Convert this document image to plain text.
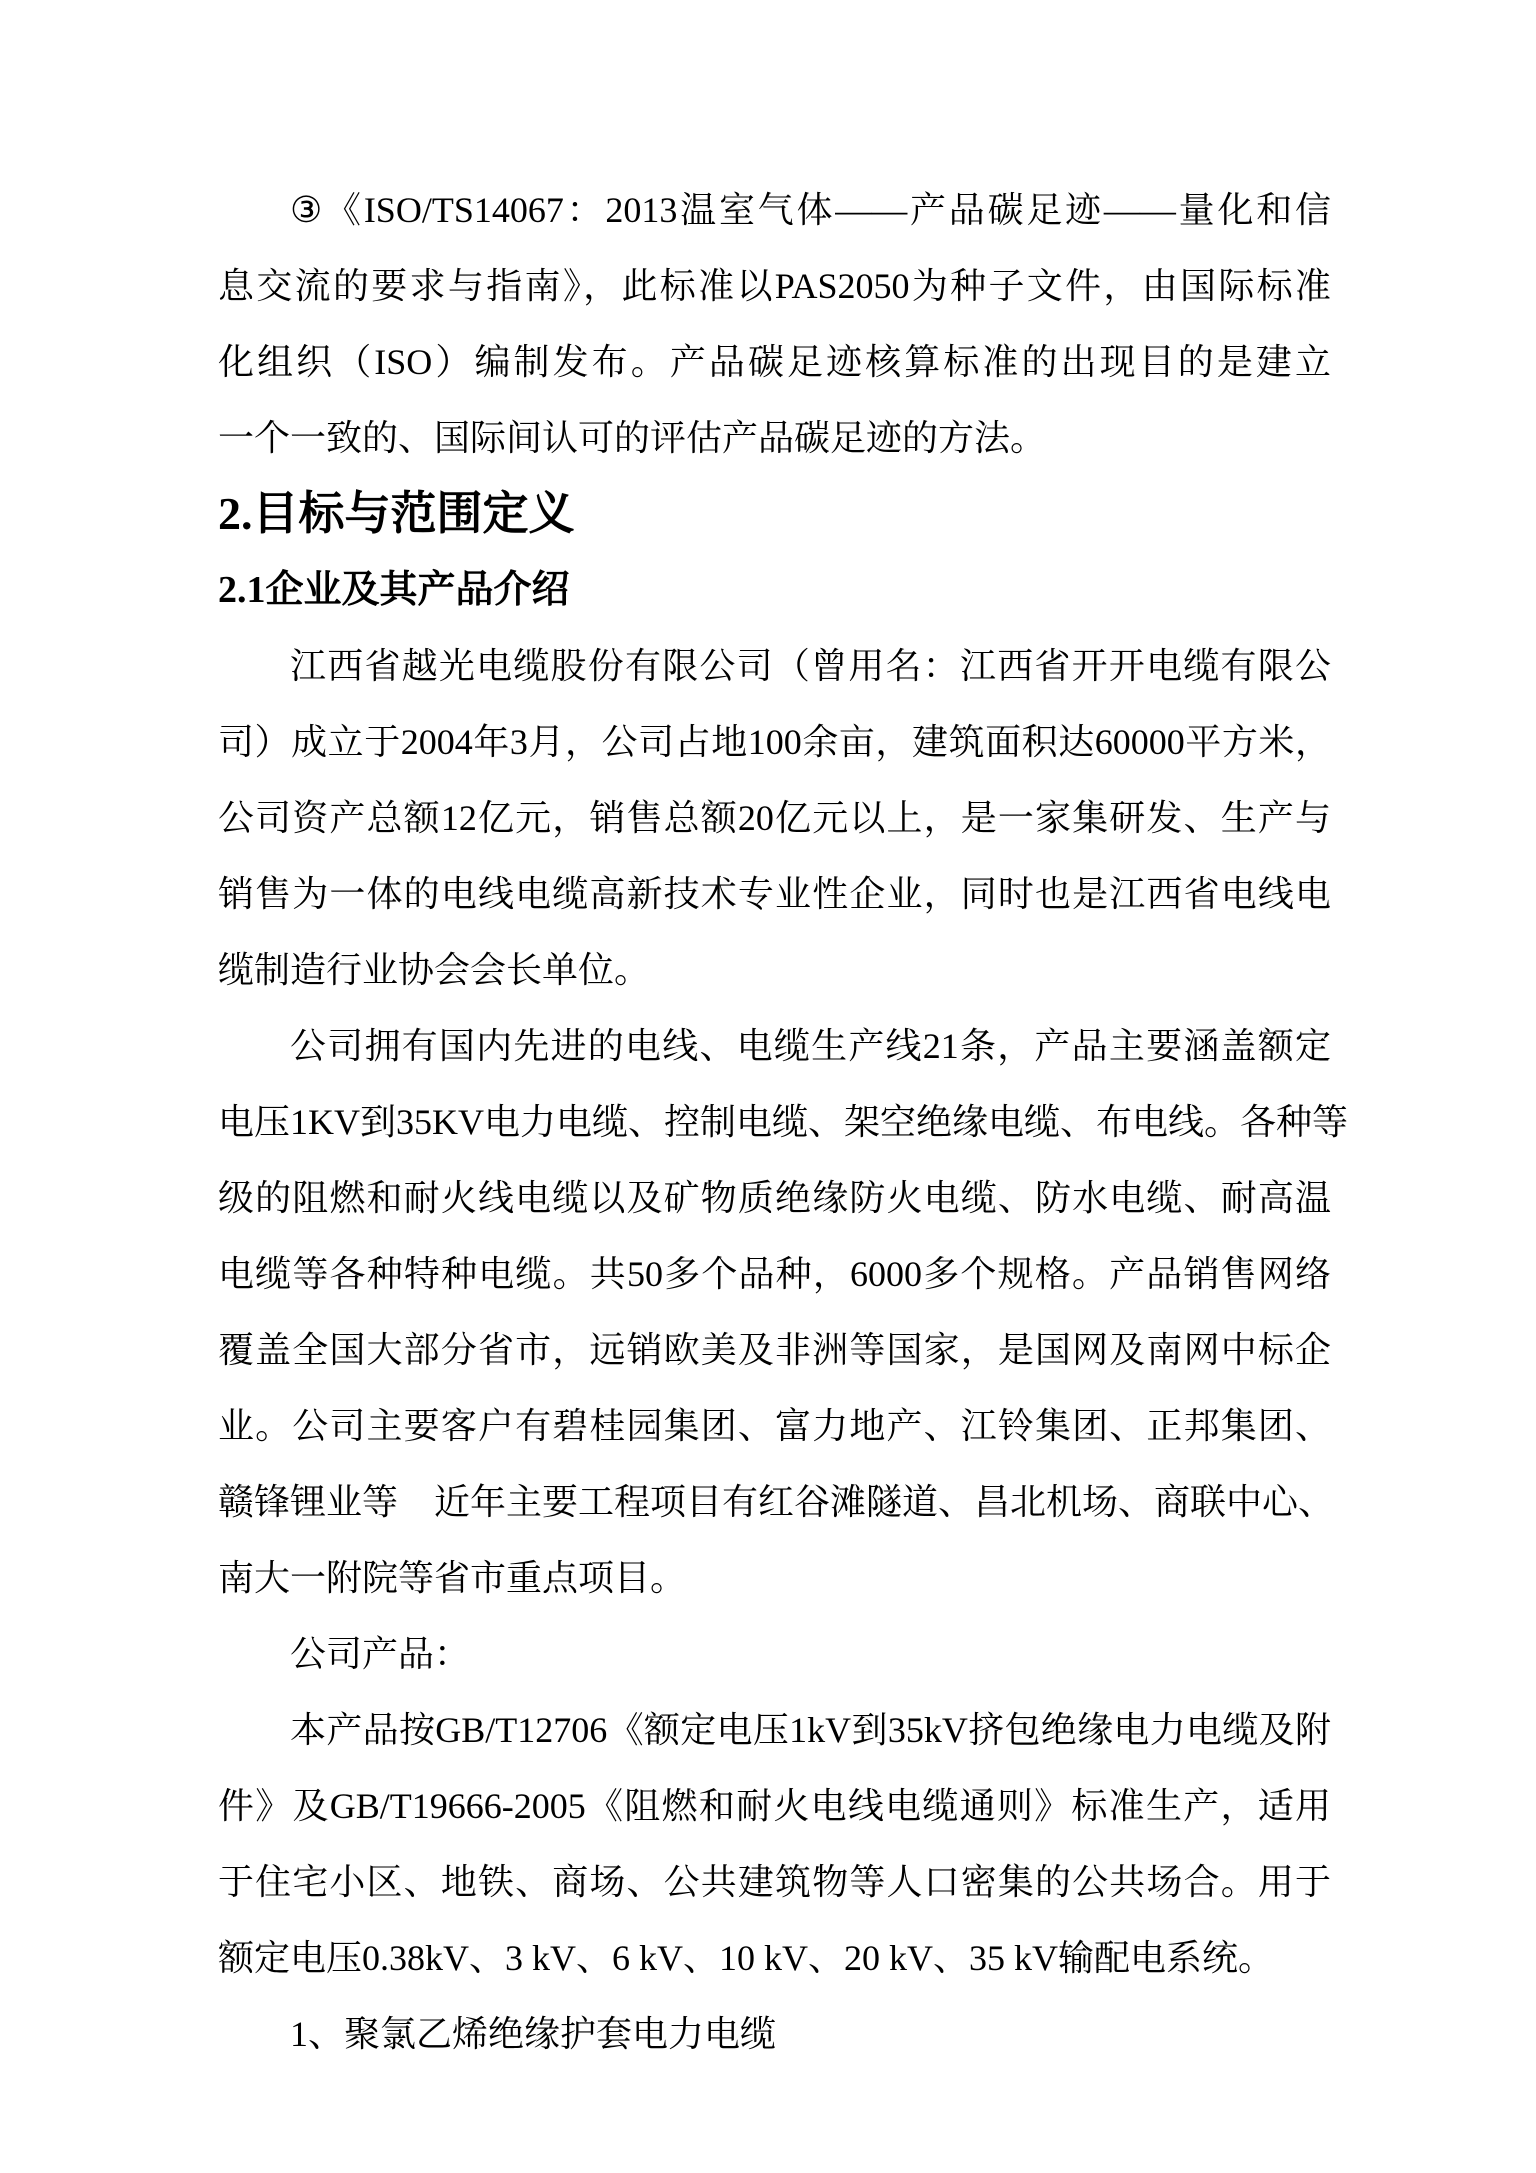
③《ISO/TS14067：2013温室气体——产品碳足迹——量化和信
息交流的要求与指南》，此标准以PAS2050为种子文件，由国际标准
化组织（ISO）编制发布。产品碳足迹核算标准的出现目的是建立
一个一致的、国际间认可的评估产品碳足迹的方法。
2.目标与范围定义
2.1企业及其产品介绍
江西省越光电缆股份有限公司（曾用名：江西省开开电缆有限公
司）成立于2004年3月，公司占地100余亩，建筑面积达60000平方米，
公司资产总额12亿元，销售总额20亿元以上，是一家集研发、生产与
销售为一体的电线电缆高新技术专业性企业，同时也是江西省电线电
缆制造行业协会会长单位。
公司拥有国内先进的电线、电缆生产线21条，产品主要涵盖额定
电压1KV到35KV电力电缆、控制电缆、架空绝缘电缆、布电线。各种等
级的阻燃和耐火线电缆以及矿物质绝缘防火电缆、防水电缆、耐高温
电缆等各种特种电缆。共50多个品种，6000多个规格。产品销售网络
覆盖全国大部分省市，远销欧美及非洲等国家，是国网及南网中标企
业。公司主要客户有碧桂园集团、富力地产、江铃集团、正邦集团、
赣锋锂业等　近年主要工程项目有红谷滩隧道、昌北机场、商联中心、
南大一附院等省市重点项目。
公司产品：
本产品按GB/T12706《额定电压1kV到35kV挤包绝缘电力电缆及附
件》及GB/T19666-2005《阻燃和耐火电线电缆通则》标准生产，适用
于住宅小区、地铁、商场、公共建筑物等人口密集的公共场合。用于
额定电压0.38kV、3 kV、6 kV、10 kV、20 kV、35 kV输配电系统。
1、聚氯乙烯绝缘护套电力电缆
